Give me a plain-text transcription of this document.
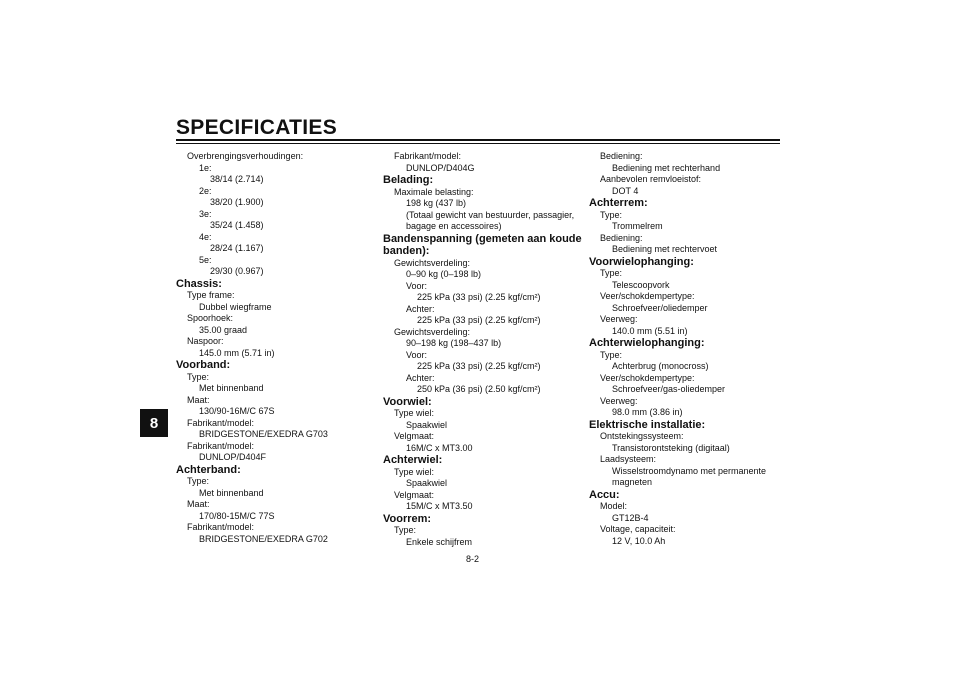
SPECIFICATIES
8
Overbrengingsverhoudingen:
1e:
38/14 (2.714)
2e:
38/20 (1.900)
3e:
35/24 (1.458)
4e:
28/24 (1.167)
5e:
29/30 (0.967)
Chassis:
Type frame:
Dubbel wiegframe
Spoorhoek:
35.00 graad
Naspoor:
145.0 mm (5.71 in)
Voorband:
Type:
Met binnenband
Maat:
130/90-16M/C 67S
Fabrikant/model:
BRIDGESTONE/EXEDRA G703
Fabrikant/model:
DUNLOP/D404F
Achterband:
Type:
Met binnenband
Maat:
170/80-15M/C 77S
Fabrikant/model:
BRIDGESTONE/EXEDRA G702
Fabrikant/model:
DUNLOP/D404G
Belading:
Maximale belasting:
198 kg (437 lb)
(Totaal gewicht van bestuurder, passagier,
bagage en accessoires)
Bandenspanning (gemeten aan koude
banden):
Gewichtsverdeling:
0–90 kg (0–198 lb)
Voor:
225 kPa (33 psi) (2.25 kgf/cm²)
Achter:
225 kPa (33 psi) (2.25 kgf/cm²)
Gewichtsverdeling:
90–198 kg (198–437 lb)
Voor:
225 kPa (33 psi) (2.25 kgf/cm²)
Achter:
250 kPa (36 psi) (2.50 kgf/cm²)
Voorwiel:
Type wiel:
Spaakwiel
Velgmaat:
16M/C x MT3.00
Achterwiel:
Type wiel:
Spaakwiel
Velgmaat:
15M/C x MT3.50
Voorrem:
Type:
Enkele schijfrem
Bediening:
Bediening met rechterhand
Aanbevolen remvloeistof:
DOT 4
Achterrem:
Type:
Trommelrem
Bediening:
Bediening met rechtervoet
Voorwielophanging:
Type:
Telescoopvork
Veer/schokdempertype:
Schroefveer/oliedemper
Veerweg:
140.0 mm (5.51 in)
Achterwielophanging:
Type:
Achterbrug (monocross)
Veer/schokdempertype:
Schroefveer/gas-oliedemper
Veerweg:
98.0 mm (3.86 in)
Elektrische installatie:
Ontstekingssysteem:
Transistorontsteking (digitaal)
Laadsysteem:
Wisselstroomdynamo met permanente
magneten
Accu:
Model:
GT12B-4
Voltage, capaciteit:
12 V, 10.0 Ah
8-2
